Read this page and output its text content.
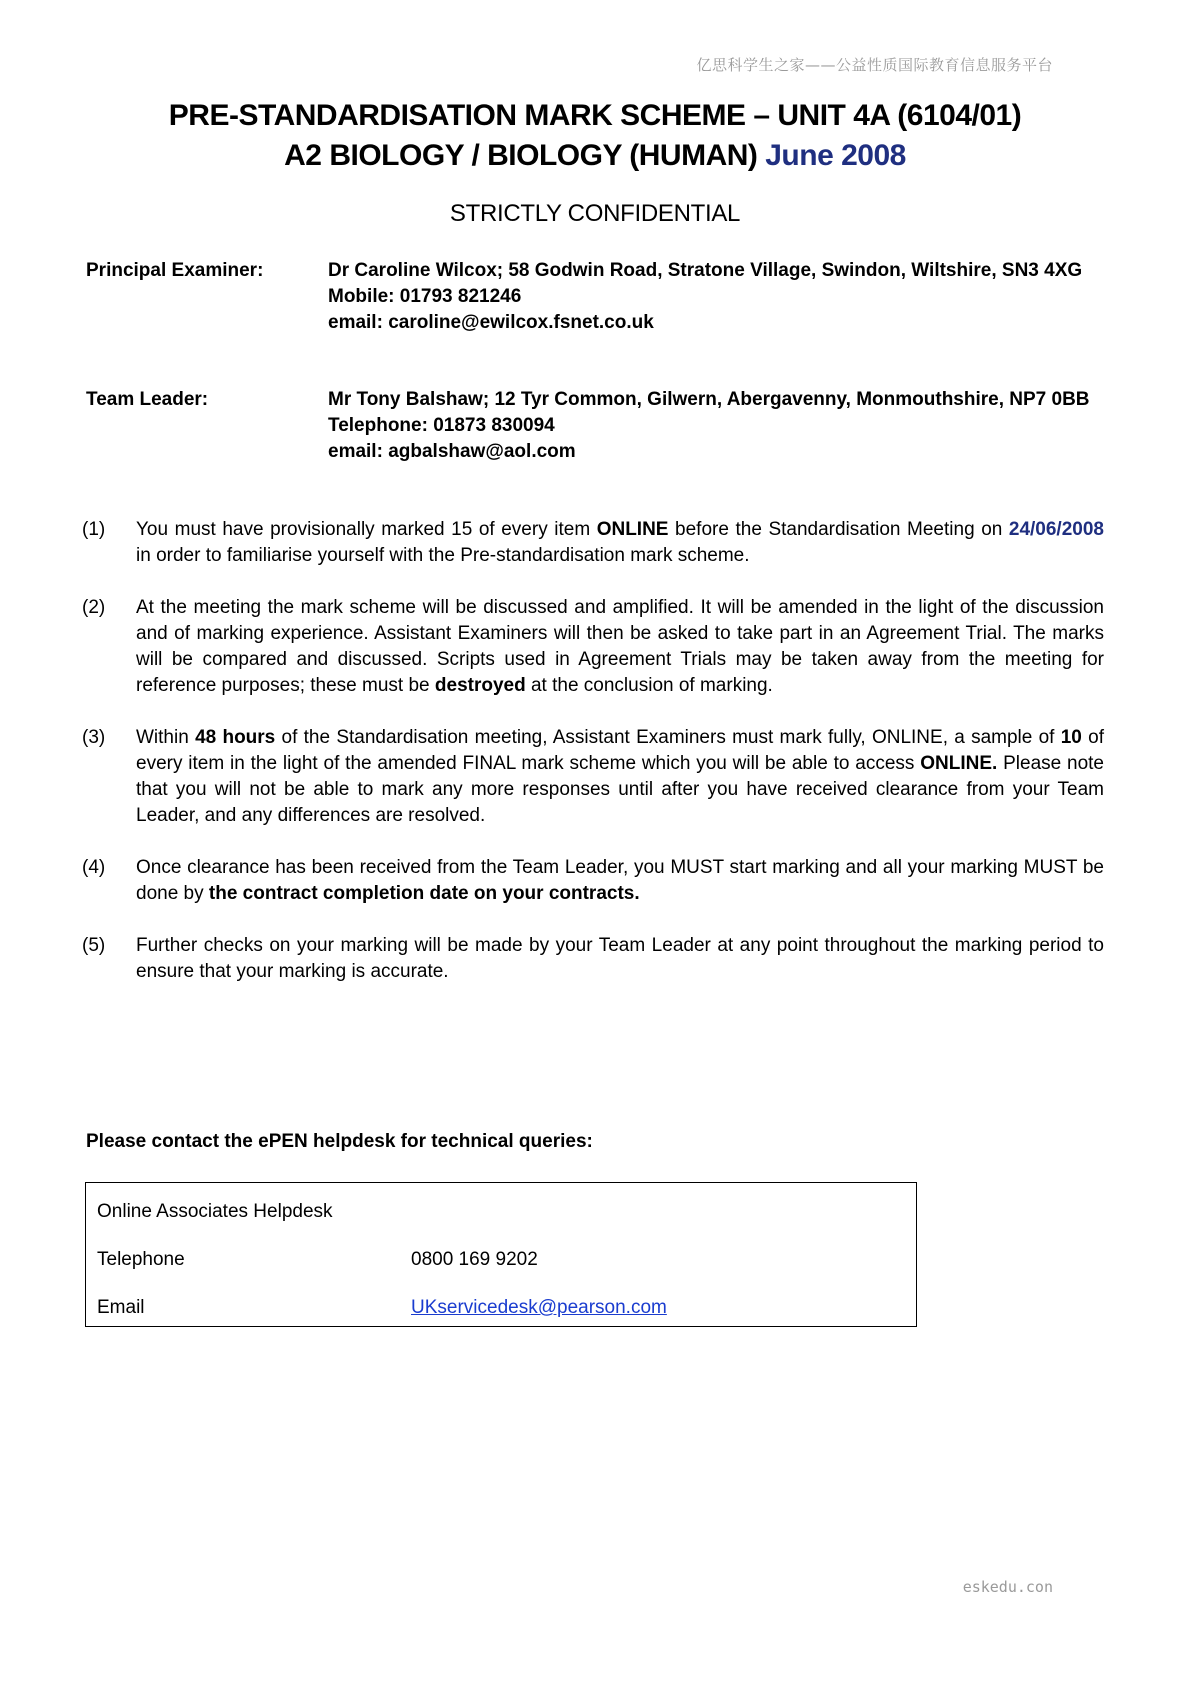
亿思科学生之家——公益性质国际教育信息服务平台
PRE-STANDARDISATION MARK SCHEME – UNIT 4A (6104/01)
A2 BIOLOGY / BIOLOGY (HUMAN) June 2008
STRICTLY CONFIDENTIAL
Principal Examiner:	Dr Caroline Wilcox; 58 Godwin Road, Stratone Village, Swindon, Wiltshire, SN3 4XG
Mobile: 01793 821246
email: caroline@ewilcox.fsnet.co.uk
Team Leader:	Mr Tony Balshaw; 12 Tyr Common, Gilwern, Abergavenny, Monmouthshire, NP7 0BB
Telephone: 01873 830094
email: agbalshaw@aol.com
(1) You must have provisionally marked 15 of every item ONLINE before the Standardisation Meeting on 24/06/2008 in order to familiarise yourself with the Pre-standardisation mark scheme.
(2) At the meeting the mark scheme will be discussed and amplified. It will be amended in the light of the discussion and of marking experience. Assistant Examiners will then be asked to take part in an Agreement Trial. The marks will be compared and discussed. Scripts used in Agreement Trials may be taken away from the meeting for reference purposes; these must be destroyed at the conclusion of marking.
(3) Within 48 hours of the Standardisation meeting, Assistant Examiners must mark fully, ONLINE, a sample of 10 of every item in the light of the amended FINAL mark scheme which you will be able to access ONLINE. Please note that you will not be able to mark any more responses until after you have received clearance from your Team Leader, and any differences are resolved.
(4) Once clearance has been received from the Team Leader, you MUST start marking and all your marking MUST be done by the contract completion date on your contracts.
(5) Further checks on your marking will be made by your Team Leader at any point throughout the marking period to ensure that your marking is accurate.
Please contact the ePEN helpdesk for technical queries:
Online Associates Helpdesk
Telephone	0800 169 9202
Email	UKservicedesk@pearson.com
eskedu.con
